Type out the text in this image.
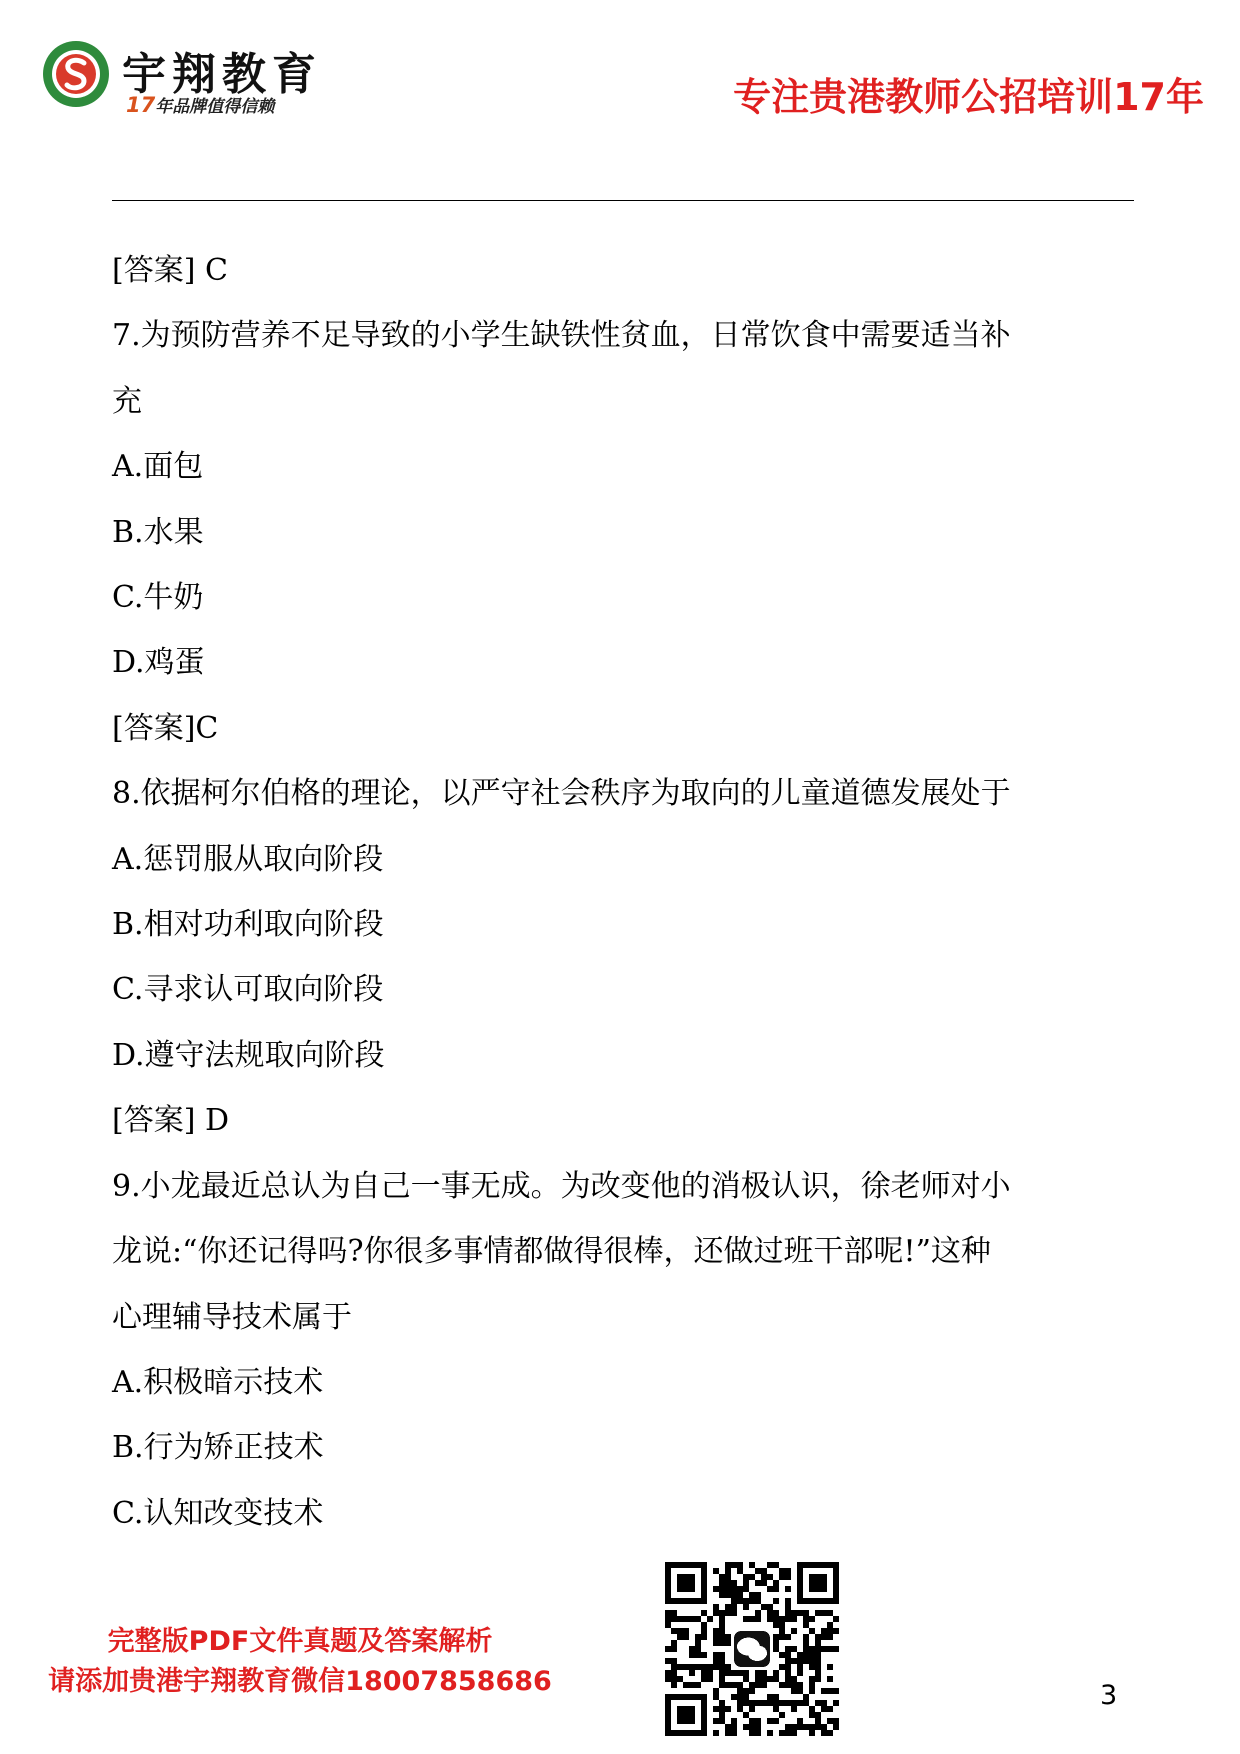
宇翔教育
17年品牌值得信赖	专注贵港教师公招培训17年
[答案] C
7.为预防营养不足导致的小学生缺铁性贫血，日常饮食中需要适当补
充
A.面包
B.水果
C.牛奶
D.鸡蛋
[答案]C
8.依据柯尔伯格的理论，以严守社会秩序为取向的儿童道德发展处于
A.惩罚服从取向阶段
B.相对功利取向阶段
C.寻求认可取向阶段
D.遵守法规取向阶段
[答案] D
9.小龙最近总认为自己一事无成。为改变他的消极认识，徐老师对小
龙说:“你还记得吗?你很多事情都做得很棒，还做过班干部呢!”这种
心理辅导技术属于
A.积极暗示技术
B.行为矫正技术
C.认知改变技术
完整版PDF文件真题及答案解析
请添加贵港宇翔教育微信18007858686	3
